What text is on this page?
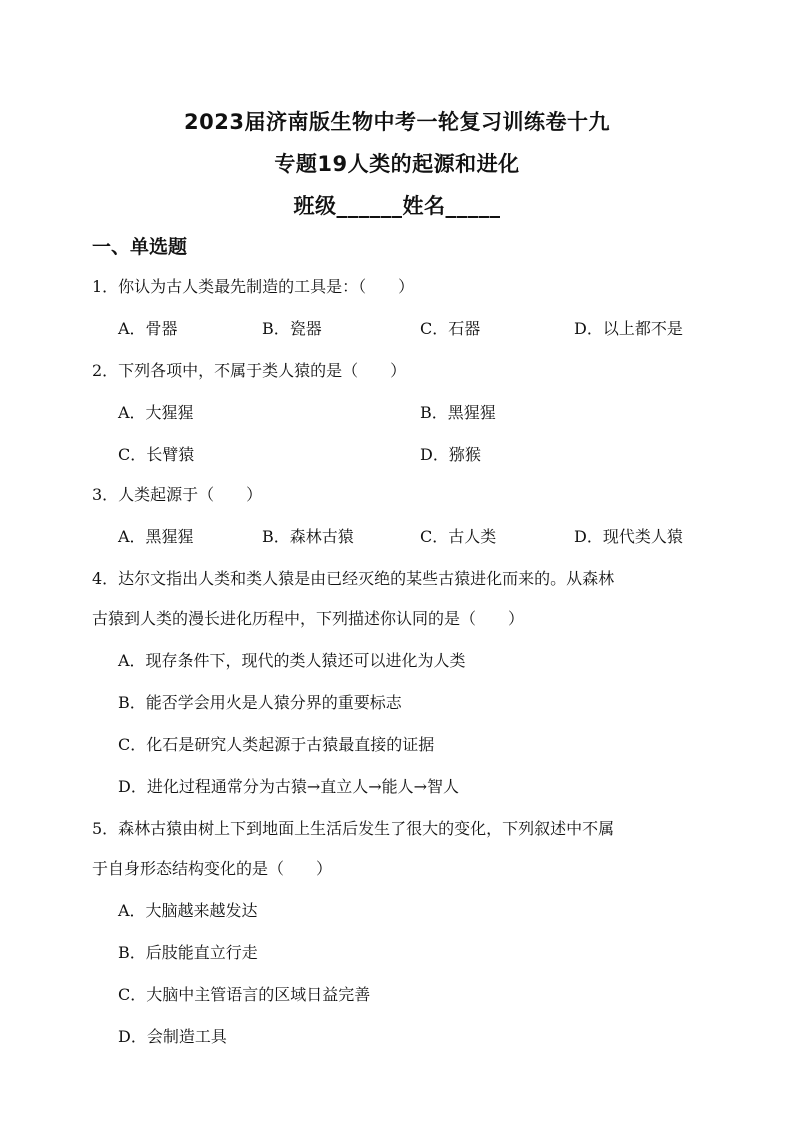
2023届济南版生物中考一轮复习训练卷十九
专题19人类的起源和进化
班级______姓名_____
一、单选题
1．你认为古人类最先制造的工具是：（　　）
A．骨器	B．瓷器	C．石器	D．以上都不是
2．下列各项中，不属于类人猿的是（　　）
A．大猩猩	B．黑猩猩
C．长臂猿	D．猕猴
3．人类起源于（　　）
A．黑猩猩	B．森林古猿	C．古人类	D．现代类人猿
4．达尔文指出人类和类人猿是由已经灭绝的某些古猿进化而来的。从森林
古猿到人类的漫长进化历程中，下列描述你认同的是（　　）
A．现存条件下，现代的类人猿还可以进化为人类
B．能否学会用火是人猿分界的重要标志
C．化石是研究人类起源于古猿最直接的证据
D．进化过程通常分为古猿→直立人→能人→智人
5．森林古猿由树上下到地面上生活后发生了很大的变化，下列叙述中不属
于自身形态结构变化的是（　　）
A．大脑越来越发达
B．后肢能直立行走
C．大脑中主管语言的区域日益完善
D．会制造工具
